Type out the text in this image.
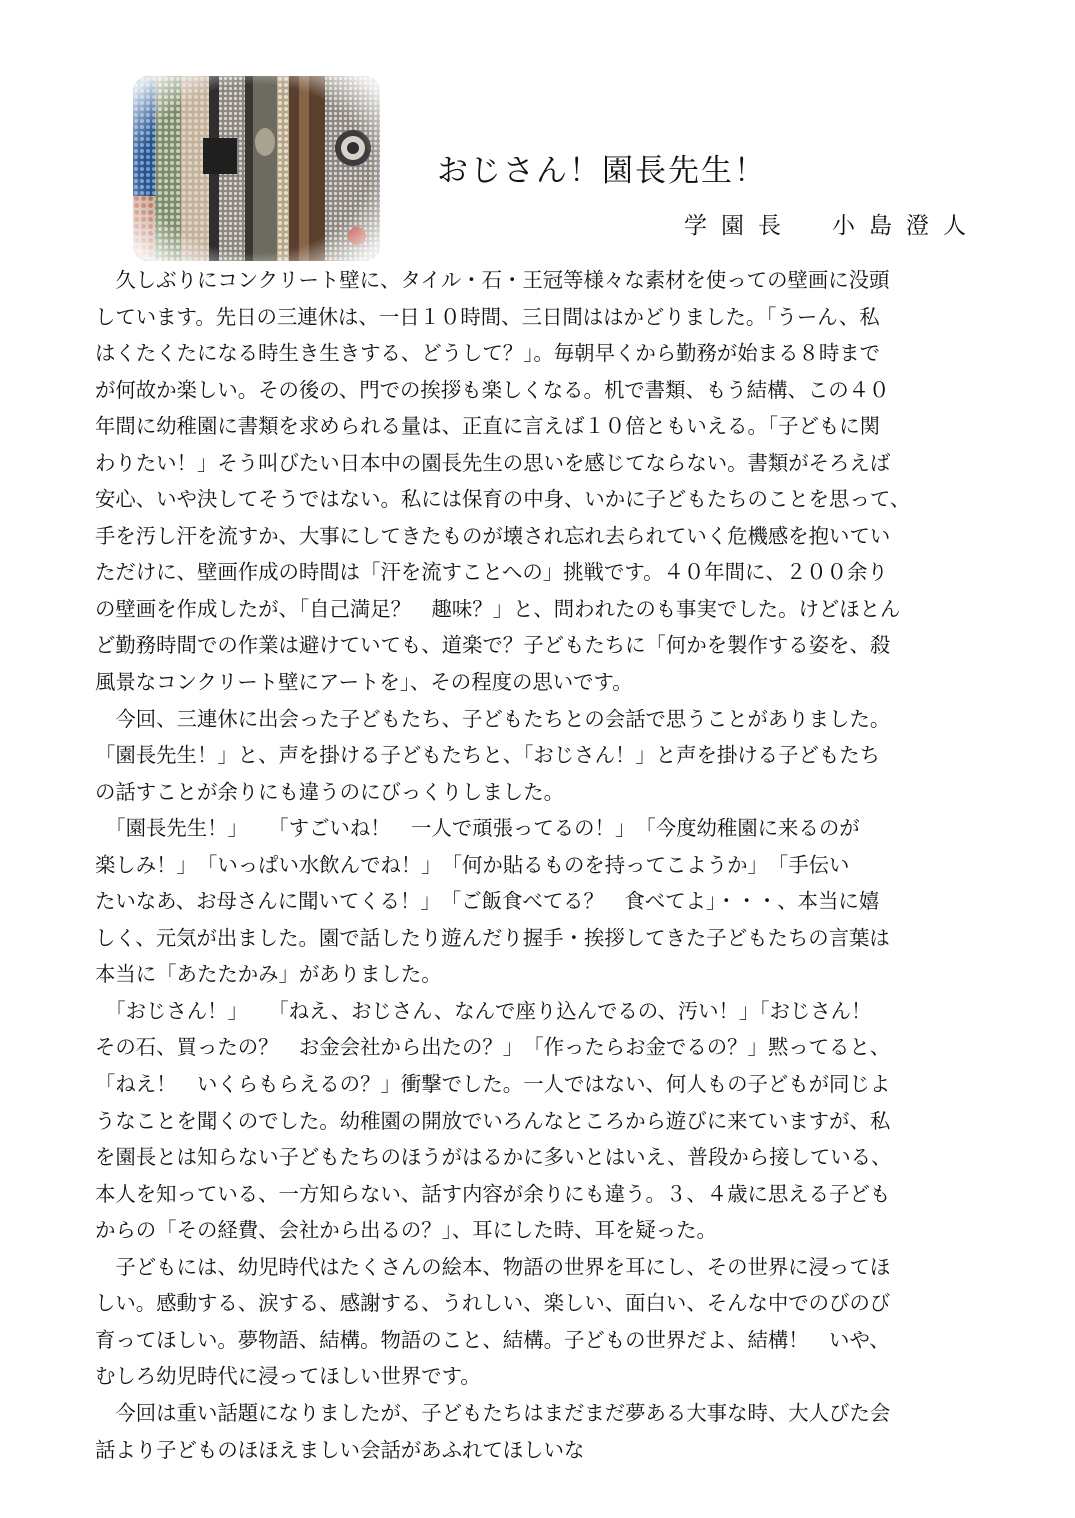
おじさん！園長先生！
学園長　小島澄人
　久しぶりにコンクリート壁に、タイル・石・王冠等様々な素材を使っての壁画に没頭
しています。先日の三連休は、一日１０時間、三日間ははかどりました。「うーん、私
はくたくたになる時生き生きする、どうして？」。毎朝早くから勤務が始まる８時まで
が何故か楽しい。その後の、門での挨拶も楽しくなる。机で書類、もう結構、この４０
年間に幼稚園に書類を求められる量は、正直に言えば１０倍ともいえる。「子どもに関
わりたい！」そう叫びたい日本中の園長先生の思いを感じてならない。書類がそろえば
安心、いや決してそうではない。私には保育の中身、いかに子どもたちのことを思って、
手を汚し汗を流すか、大事にしてきたものが壊され忘れ去られていく危機感を抱いてい
ただけに、壁画作成の時間は「汗を流すことへの」挑戦です。４０年間に、２００余り
の壁画を作成したが、「自己満足？　趣味？」と、問われたのも事実でした。けどほとん
ど勤務時間での作業は避けていても、道楽で？子どもたちに「何かを製作する姿を、殺
風景なコンクリート壁にアートを」、その程度の思いです。
　今回、三連休に出会った子どもたち、子どもたちとの会話で思うことがありました。
「園長先生！」と、声を掛ける子どもたちと、「おじさん！」と声を掛ける子どもたち
の話すことが余りにも違うのにびっくりしました。
　「園長先生！」　　「すごいね！　一人で頑張ってるの！」　「今度幼稚園に来るのが
楽しみ！」　「いっぱい水飲んでね！」　「何か貼るものを持ってこようか」　「手伝い
たいなあ、お母さんに聞いてくる！」　「ご飯食べてる？　食べてよ」・・・、本当に嬉
しく、元気が出ました。園で話したり遊んだり握手・挨拶してきた子どもたちの言葉は
本当に「あたたかみ」がありました。
　「おじさん！」　　「ねえ、おじさん、なんで座り込んでるの、汚い！」「おじさん！
その石、買ったの？　お金会社から出たの？」　「作ったらお金でるの？」黙ってると、
「ねえ！　いくらもらえるの？」衝撃でした。一人ではない、何人もの子どもが同じよ
うなことを聞くのでした。幼稚園の開放でいろんなところから遊びに来ていますが、私
を園長とは知らない子どもたちのほうがはるかに多いとはいえ、普段から接している、
本人を知っている、一方知らない、話す内容が余りにも違う。３、４歳に思える子ども
からの「その経費、会社から出るの？」、耳にした時、耳を疑った。
　子どもには、幼児時代はたくさんの絵本、物語の世界を耳にし、その世界に浸ってほ
しい。感動する、涙する、感謝する、うれしい、楽しい、面白い、そんな中でのびのび
育ってほしい。夢物語、結構。物語のこと、結構。子どもの世界だよ、結構！　いや、
むしろ幼児時代に浸ってほしい世界です。
　今回は重い話題になりましたが、子どもたちはまだまだ夢ある大事な時、大人びた会
話より子どものほほえましい会話があふれてほしいな
